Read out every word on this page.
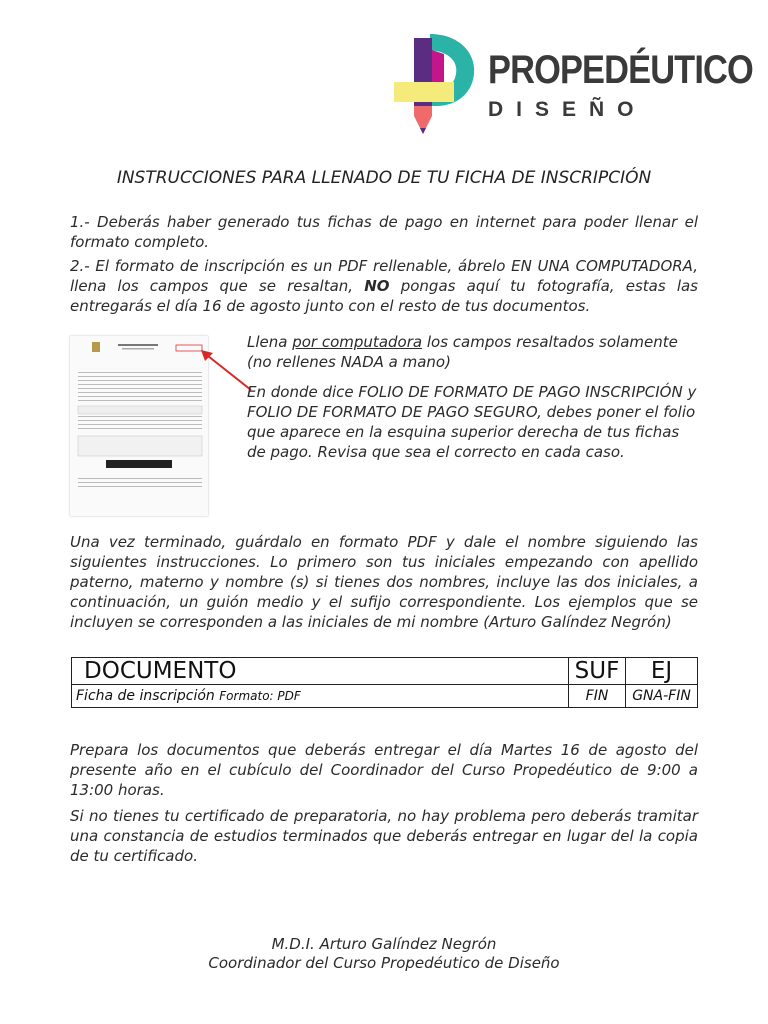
PROPEDÉUTICO
DISEÑO
INSTRUCCIONES PARA LLENADO DE TU FICHA DE INSCRIPCIÓN
1.- Deberás haber generado tus fichas de pago en internet para poder llenar el formato completo.
2.- El formato de inscripción es un PDF rellenable, ábrelo EN UNA COMPUTADORA, llena los campos que se resaltan, NO pongas aquí tu fotografía, estas las entregarás el día 16 de agosto junto con el resto de tus documentos.
Llena por computadora los campos resaltados solamente (no rellenes NADA a mano)
En donde dice FOLIO DE FORMATO DE PAGO INSCRIPCIÓN y FOLIO DE FORMATO DE PAGO SEGURO, debes poner el folio que aparece en la esquina superior derecha de tus fichas de pago. Revisa que sea el correcto en cada caso.
Una vez terminado, guárdalo en formato PDF y dale el nombre siguiendo las siguientes instrucciones. Lo primero son tus iniciales empezando con apellido paterno, materno y nombre (s) si tienes dos nombres, incluye las dos iniciales, a continuación, un guión medio y el sufijo correspondiente. Los ejemplos que se incluyen se corresponden a las iniciales de mi nombre (Arturo Galíndez Negrón)
DOCUMENTO	SUF	EJ
Ficha de inscripción Formato: PDF	FIN	GNA-FIN
Prepara los documentos que deberás entregar el día Martes 16 de agosto del presente año en el cubículo del Coordinador del Curso Propedéutico de 9:00 a 13:00 horas.
Si no tienes tu certificado de preparatoria, no hay problema pero deberás tramitar una constancia de estudios terminados que deberás entregar en lugar del la copia de tu certificado.
M.D.I. Arturo Galíndez Negrón
Coordinador del Curso Propedéutico de Diseño
